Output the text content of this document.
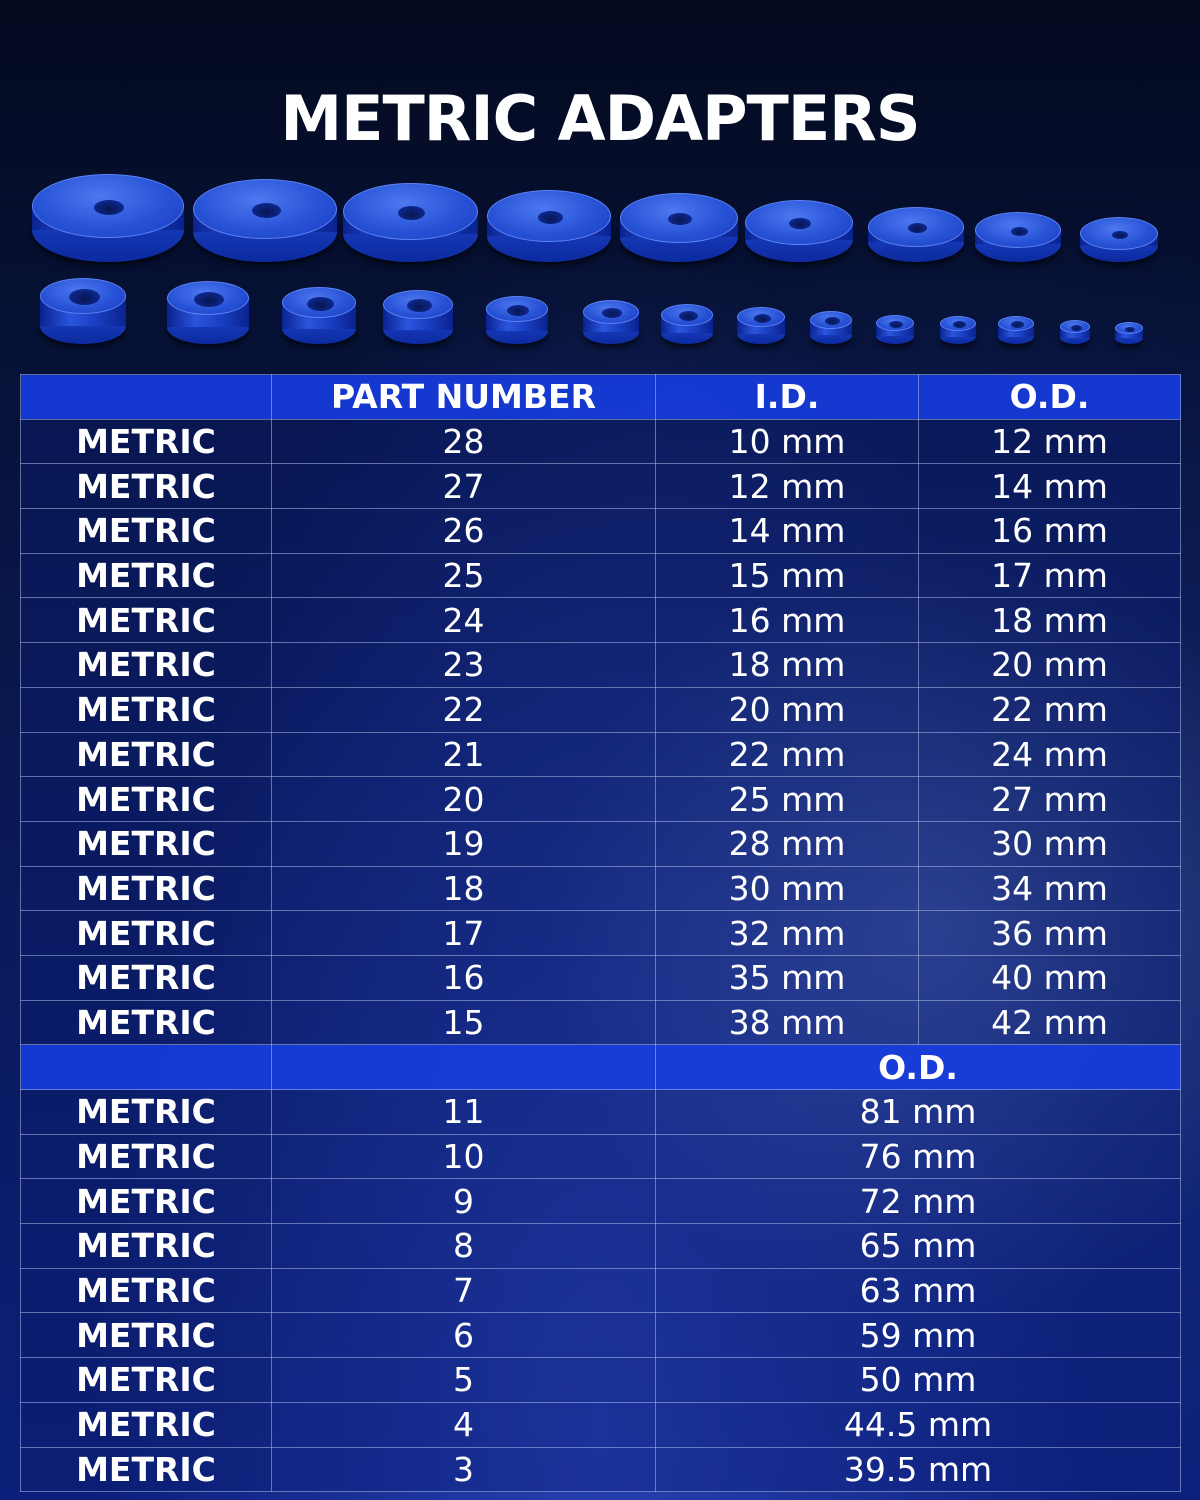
METRIC ADAPTERS
	PART NUMBER	I.D.	O.D.
METRIC	28	10 mm	12 mm
METRIC	27	12 mm	14 mm
METRIC	26	14 mm	16 mm
METRIC	25	15 mm	17 mm
METRIC	24	16 mm	18 mm
METRIC	23	18 mm	20 mm
METRIC	22	20 mm	22 mm
METRIC	21	22 mm	24 mm
METRIC	20	25 mm	27 mm
METRIC	19	28 mm	30 mm
METRIC	18	30 mm	34 mm
METRIC	17	32 mm	36 mm
METRIC	16	35 mm	40 mm
METRIC	15	38 mm	42 mm
		O.D.	
METRIC	11	81 mm	
METRIC	10	76 mm	
METRIC	9	72 mm	
METRIC	8	65 mm	
METRIC	7	63 mm	
METRIC	6	59 mm	
METRIC	5	50 mm	
METRIC	4	44.5 mm	
METRIC	3	39.5 mm	
